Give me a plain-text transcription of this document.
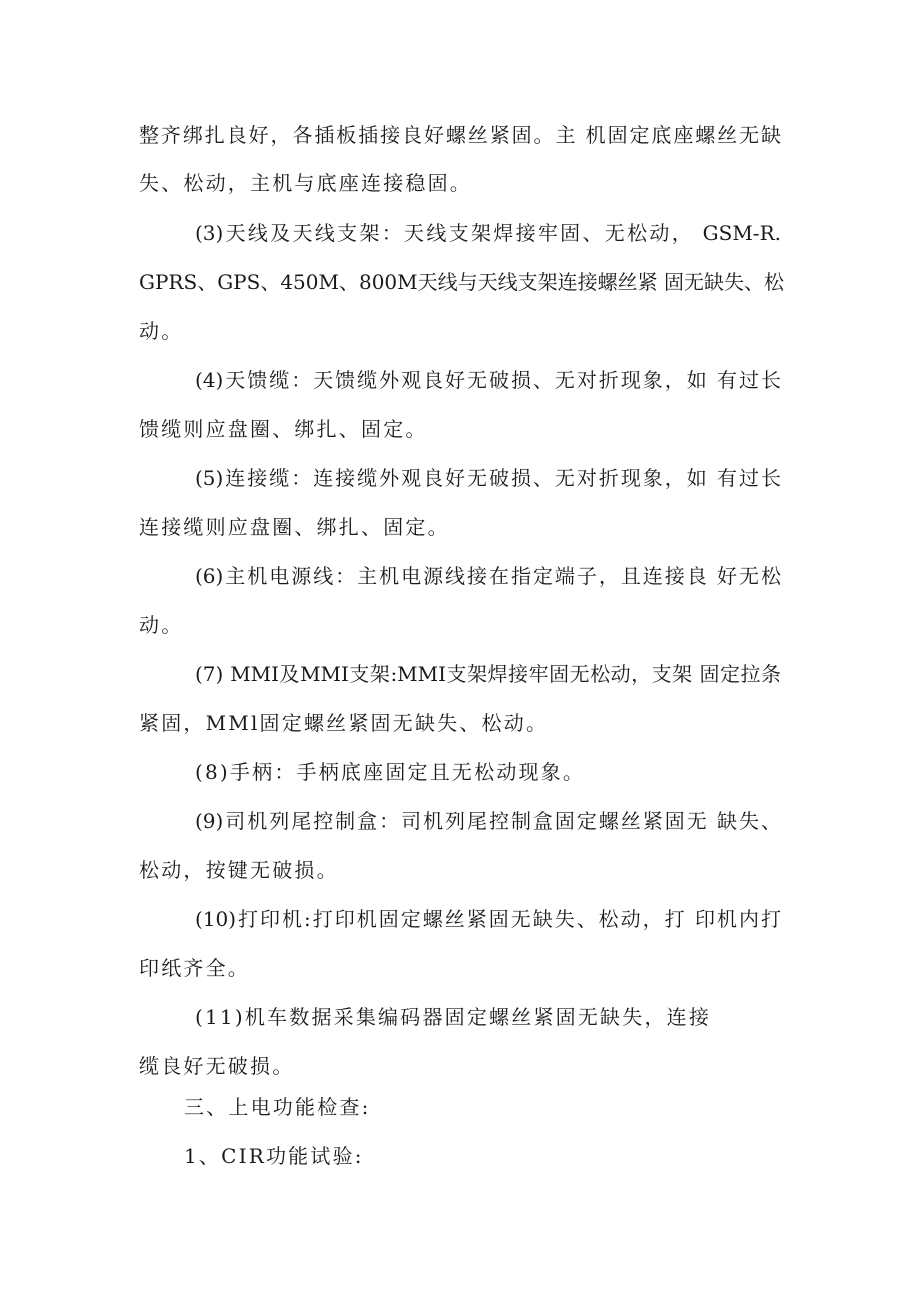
整齐绑扎良好，各插板插接良好螺丝紧固。主 机固定底座螺丝无缺
失、松动，主机与底座连接稳固。
(3)天线及天线支架：天线支架焊接牢固、无松动， GSM-R.
GPRS、GPS、450M、800M天线与天线支架连接螺丝紧 固无缺失、松
动。
(4)天馈缆：天馈缆外观良好无破损、无对折现象，如 有过长
馈缆则应盘圈、绑扎、固定。
(5)连接缆：连接缆外观良好无破损、无对折现象，如 有过长
连接缆则应盘圈、绑扎、固定。
(6)主机电源线：主机电源线接在指定端子，且连接良 好无松
动。
(7) MMI及MMI支架:MMI支架焊接牢固无松动，支架 固定拉条
紧固，MMl固定螺丝紧固无缺失、松动。
(8)手柄：手柄底座固定且无松动现象。
(9)司机列尾控制盒：司机列尾控制盒固定螺丝紧固无 缺失、
松动，按键无破损。
(10)打印机:打印机固定螺丝紧固无缺失、松动，打 印机内打
印纸齐全。
(11)机车数据采集编码器固定螺丝紧固无缺失，连接
缆良好无破损。
三、上电功能检查:
1、CIR功能试验:
